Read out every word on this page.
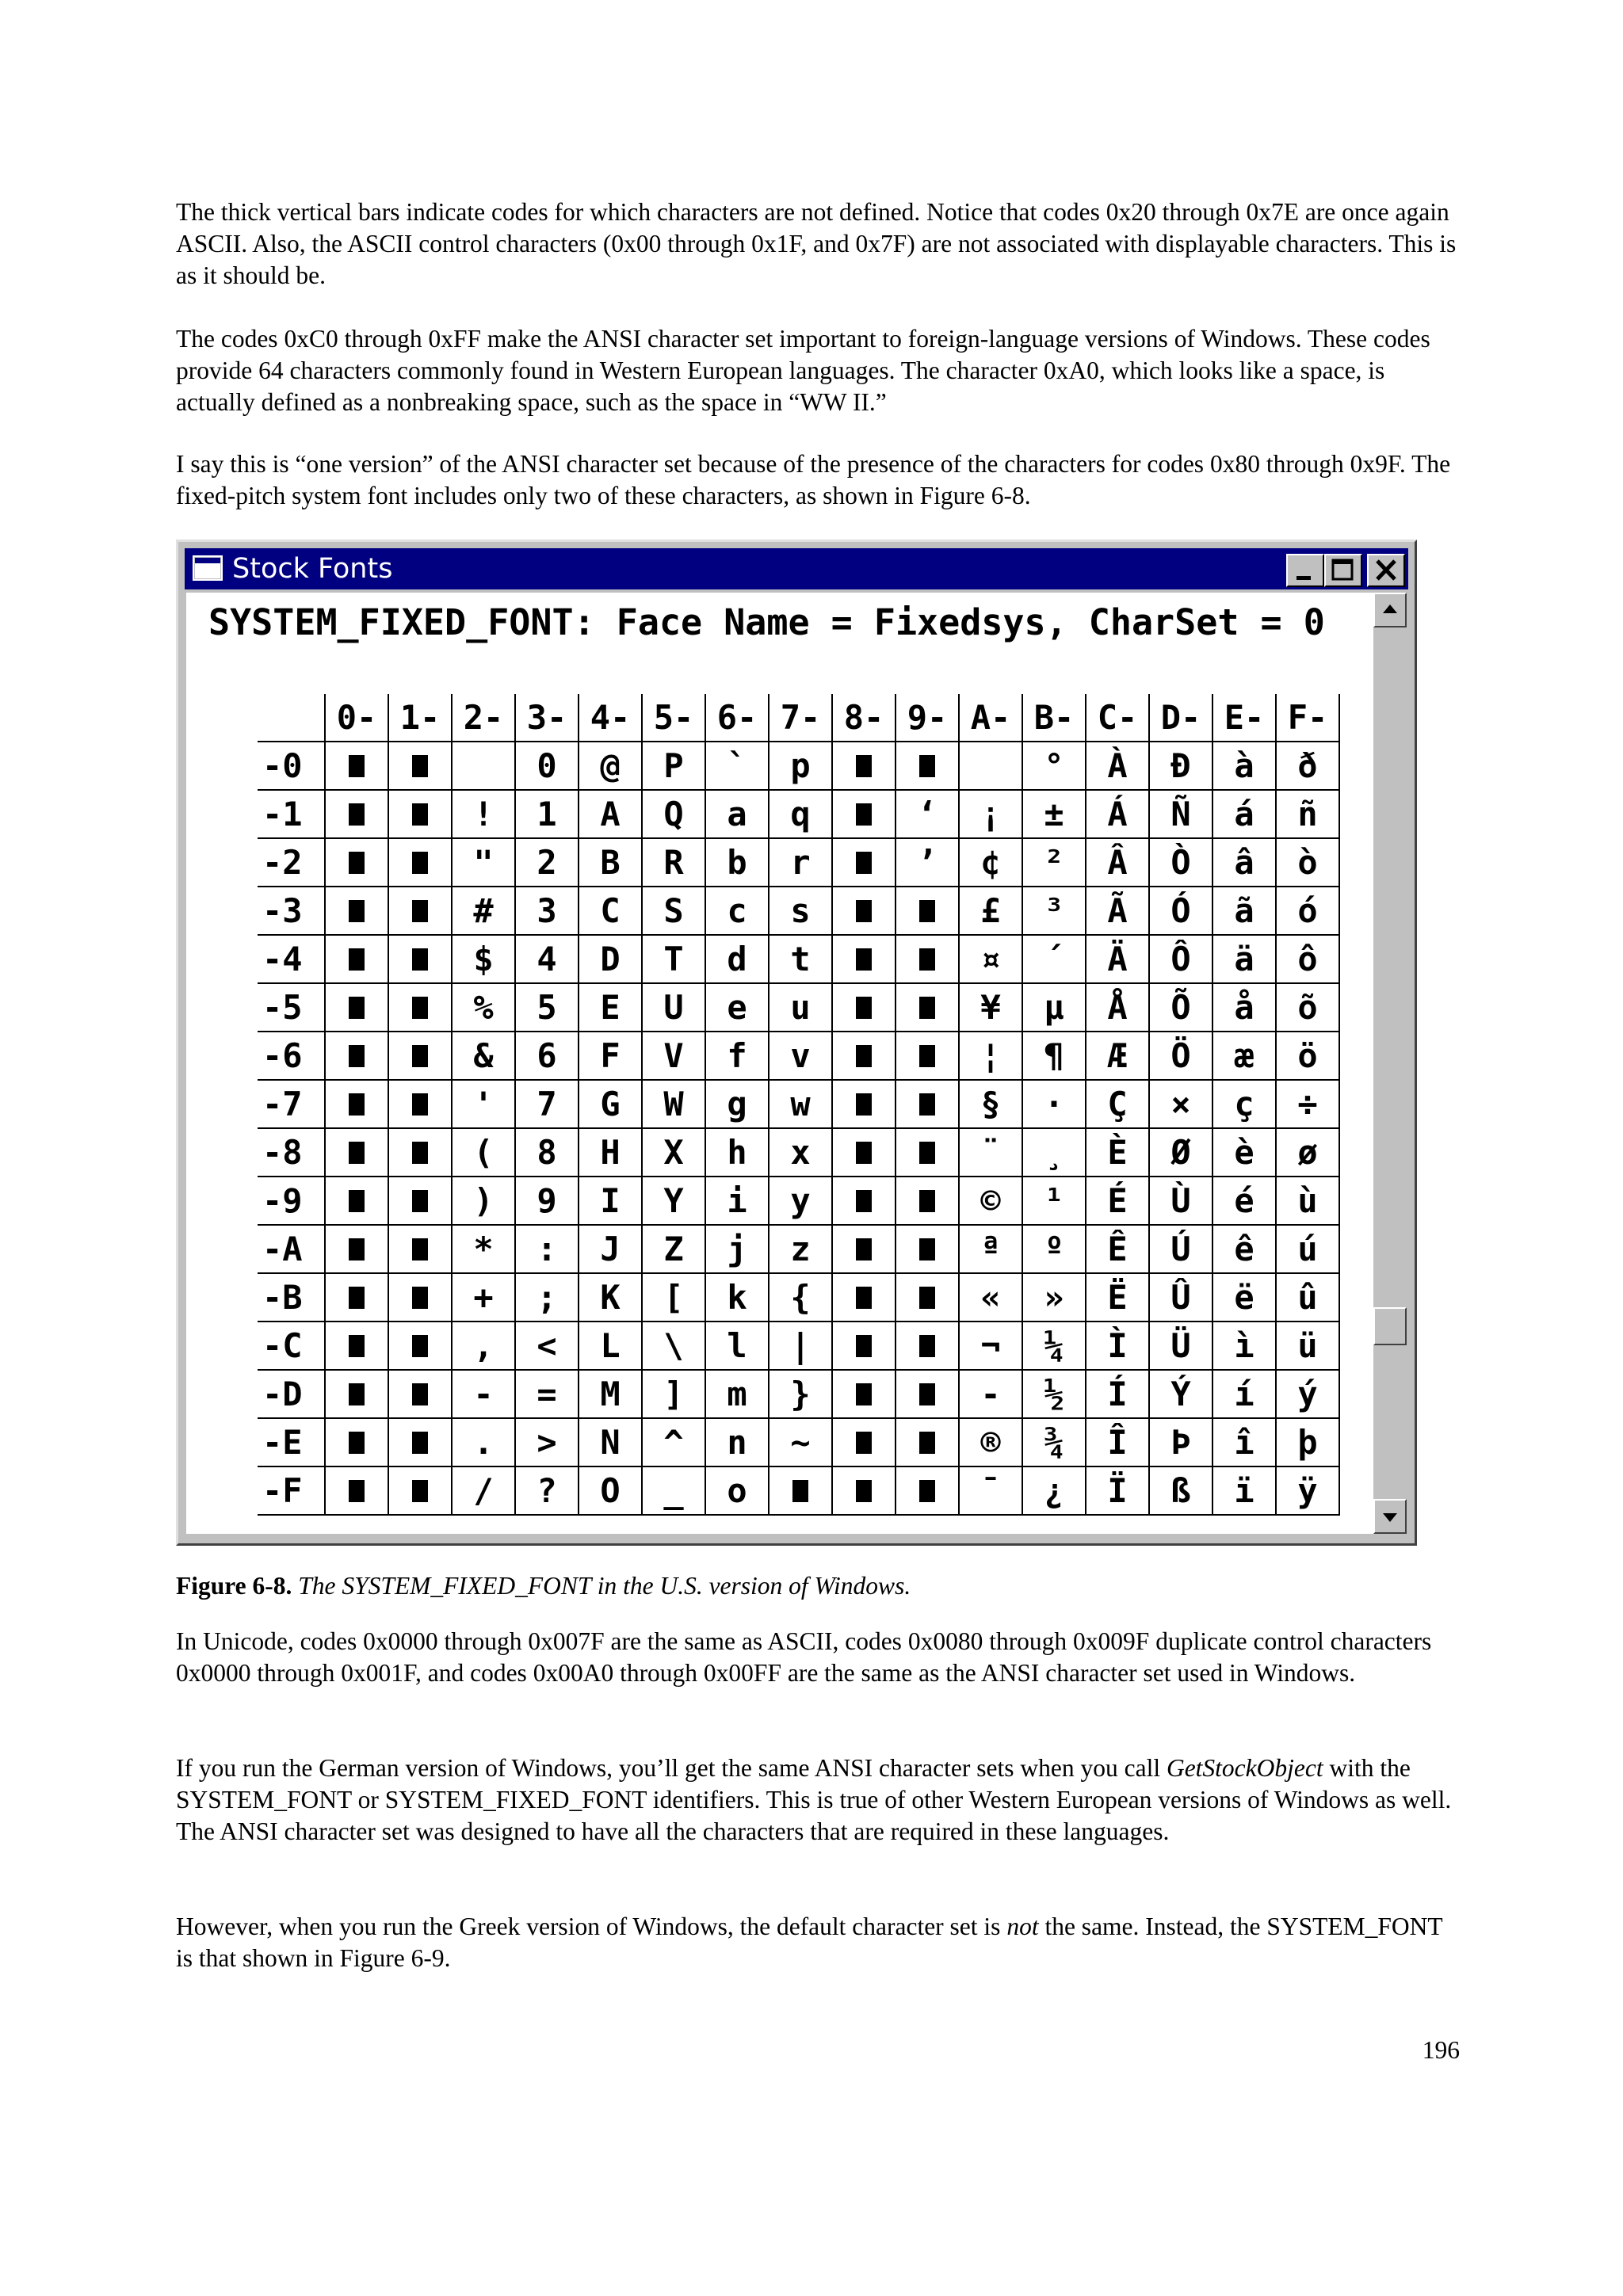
The thick vertical bars indicate codes for which characters are not defined. Notice that codes 0x20 through 0x7E are once again ASCII. Also, the ASCII control characters (0x00 through 0x1F, and 0x7F) are not associated with displayable characters. This is as it should be.

The codes 0xC0 through 0xFF make the ANSI character set important to foreign-language versions of Windows. These codes provide 64 characters commonly found in Western European languages. The character 0xA0, which looks like a space, is actually defined as a nonbreaking space, such as the space in “WW II.”

I say this is “one version” of the ANSI character set because of the presence of the characters for codes 0x80 through 0x9F. The fixed-pitch system font includes only two of these characters, as shown in Figure 6-8.

Stock Fonts
SYSTEM_FIXED_FONT: Face Name = Fixedsys, CharSet = 0
	0-	1-	2-	3-	4-	5-	6-	7-	8-	9-	A-	B-	C-	D-	E-	F-
-0				0	@	P	`	p				°	À	Ð	à	ð
-1			!	1	A	Q	a	q		‘	¡	±	Á	Ñ	á	ñ
-2			"	2	B	R	b	r		’	¢	²	Â	Ò	â	ò
-3			#	3	C	S	c	s			£	³	Ã	Ó	ã	ó
-4			$	4	D	T	d	t			¤	´	Ä	Ô	ä	ô
-5			%	5	E	U	e	u			¥	µ	Å	Õ	å	õ
-6			&	6	F	V	f	v			¦	¶	Æ	Ö	æ	ö
-7			'	7	G	W	g	w			§	·	Ç	×	ç	÷
-8			(	8	H	X	h	x			¨	¸	È	Ø	è	ø
-9			)	9	I	Y	i	y			©	¹	É	Ù	é	ù
-A			*	:	J	Z	j	z			ª	º	Ê	Ú	ê	ú
-B			+	;	K	[	k	{			«	»	Ë	Û	ë	û
-C			,	<	L	\	l	|			¬	¼	Ì	Ü	ì	ü
-D			-	=	M	]	m	}			-	½	Í	Ý	í	ý
-E			.	>	N	^	n	~			®	¾	Î	Þ	î	þ
-F			/	?	O	_	o				¯	¿	Ï	ß	ï	ÿ

Figure 6-8. The SYSTEM_FIXED_FONT in the U.S. version of Windows.

In Unicode, codes 0x0000 through 0x007F are the same as ASCII, codes 0x0080 through 0x009F duplicate control characters 0x0000 through 0x001F, and codes 0x00A0 through 0x00FF are the same as the ANSI character set used in Windows.

If you run the German version of Windows, you’ll get the same ANSI character sets when you call GetStockObject with the SYSTEM_FONT or SYSTEM_FIXED_FONT identifiers. This is true of other Western European versions of Windows as well. The ANSI character set was designed to have all the characters that are required in these languages.

However, when you run the Greek version of Windows, the default character set is not the same. Instead, the SYSTEM_FONT is that shown in Figure 6-9.

196
